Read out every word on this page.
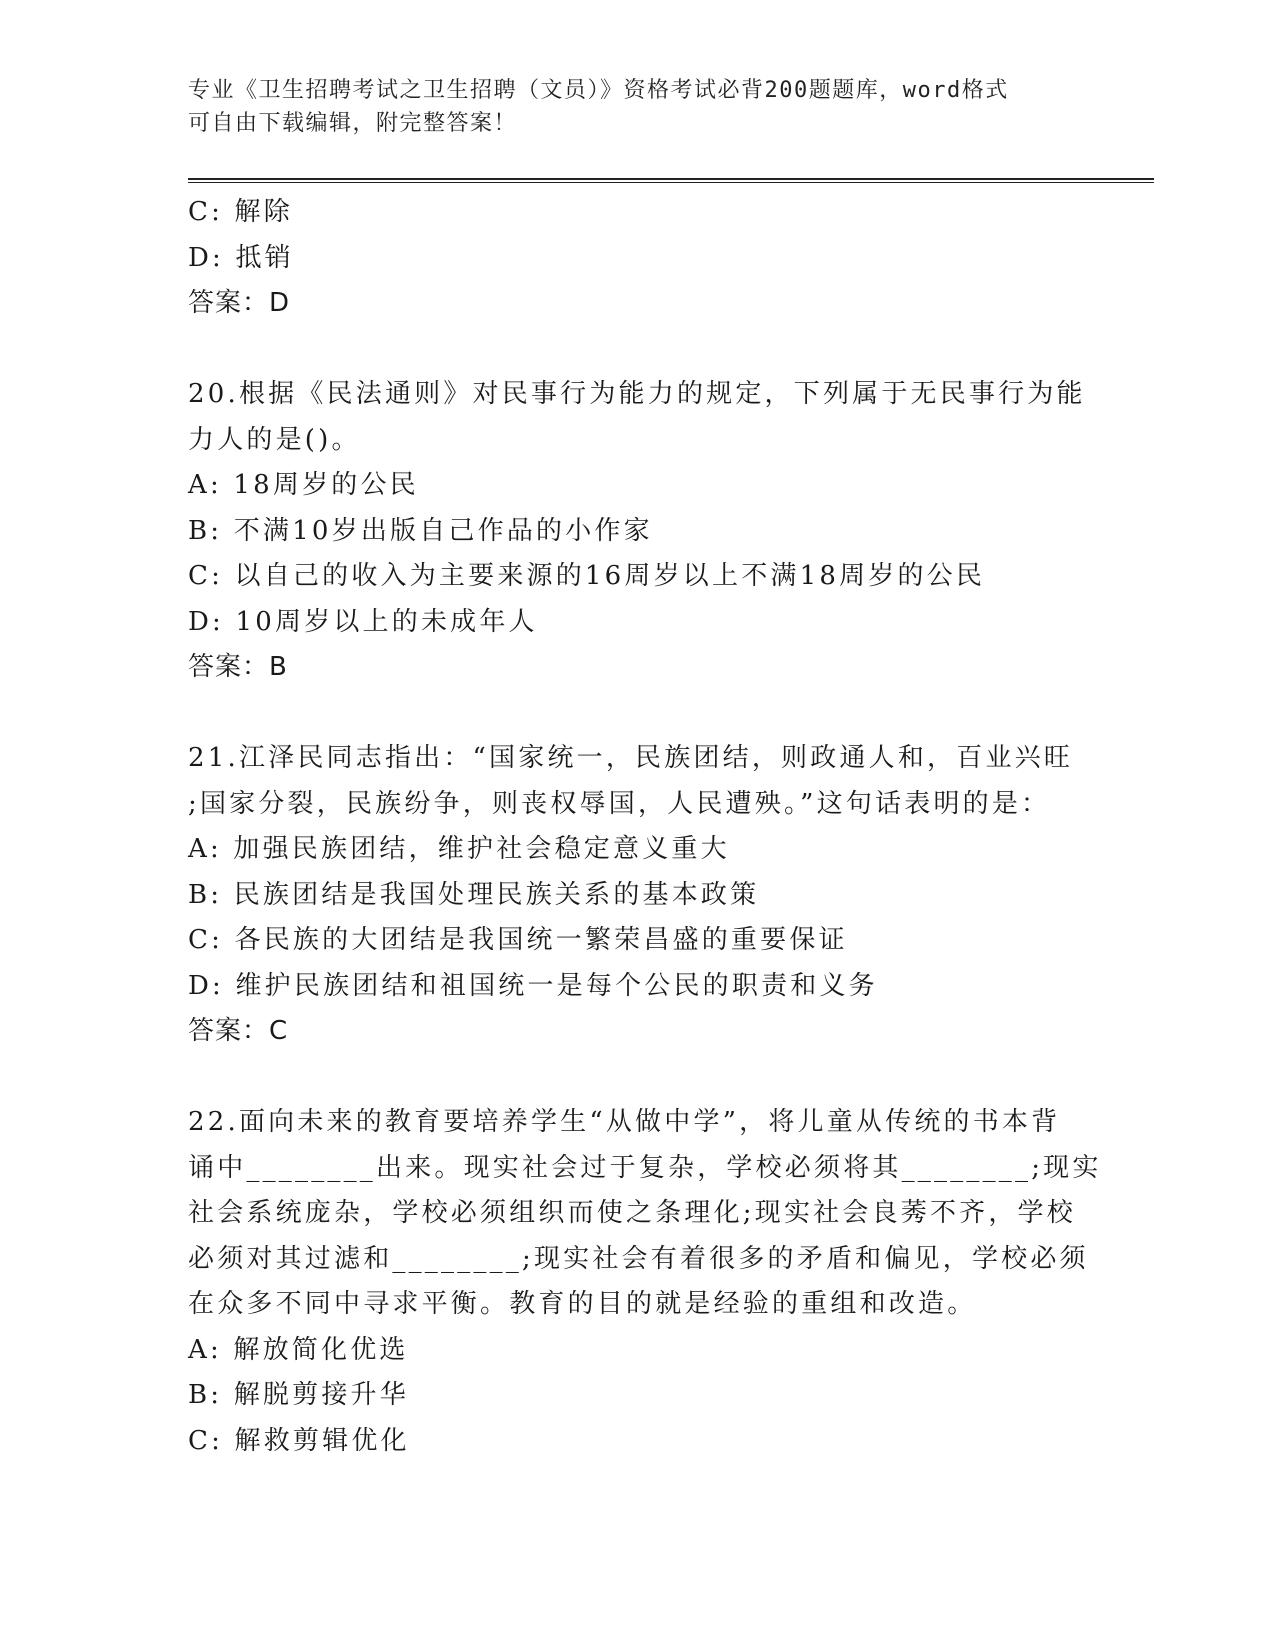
专业《卫生招聘考试之卫生招聘（文员）》资格考试必背200题题库，word格式
可自由下载编辑，附完整答案！
C: 解除
D: 抵销
答案：D
20.根据《民法通则》对民事行为能力的规定，下列属于无民事行为能
力人的是()。
A: 18周岁的公民
B: 不满10岁出版自己作品的小作家
C: 以自己的收入为主要来源的16周岁以上不满18周岁的公民
D: 10周岁以上的未成年人
答案：B
21.江泽民同志指出：“国家统一，民族团结，则政通人和，百业兴旺
;国家分裂，民族纷争，则丧权辱国，人民遭殃。”这句话表明的是：
A: 加强民族团结，维护社会稳定意义重大
B: 民族团结是我国处理民族关系的基本政策
C: 各民族的大团结是我国统一繁荣昌盛的重要保证
D: 维护民族团结和祖国统一是每个公民的职责和义务
答案：C
22.面向未来的教育要培养学生“从做中学”，将儿童从传统的书本背
诵中________出来。现实社会过于复杂，学校必须将其________;现实
社会系统庞杂，学校必须组织而使之条理化;现实社会良莠不齐，学校
必须对其过滤和________;现实社会有着很多的矛盾和偏见，学校必须
在众多不同中寻求平衡。教育的目的就是经验的重组和改造。
A: 解放简化优选
B: 解脱剪接升华
C: 解救剪辑优化
